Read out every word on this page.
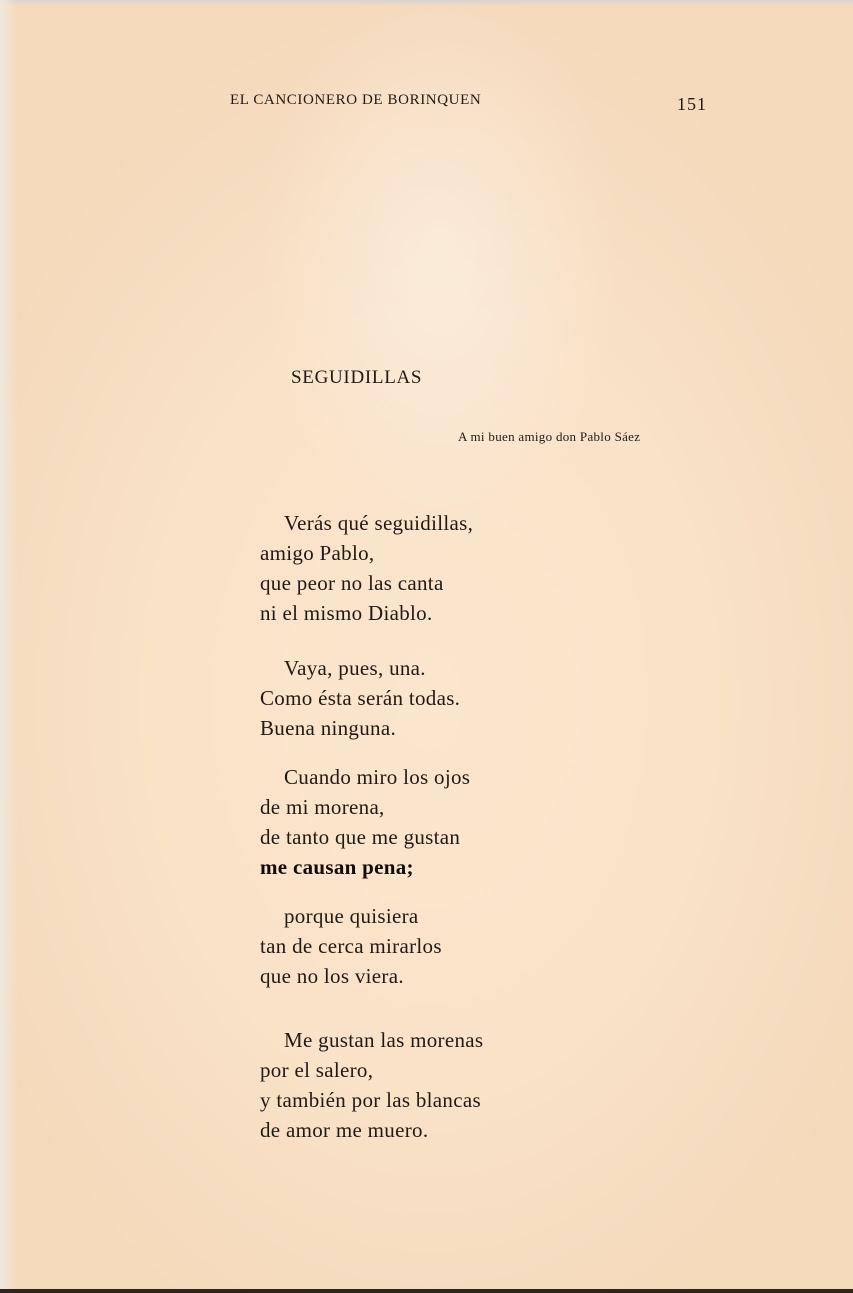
EL CANCIONERO DE BORINQUEN	151
SEGUIDILLAS
A mi buen amigo don Pablo Sáez
Verás qué seguidillas,
amigo Pablo,
que peor no las canta
ni el mismo Diablo.
Vaya, pues, una.
Como ésta serán todas.
Buena ninguna.
Cuando miro los ojos
de mi morena,
de tanto que me gustan
me causan pena;
porque quisiera
tan de cerca mirarlos
que no los viera.
Me gustan las morenas
por el salero,
y también por las blancas
de amor me muero.
